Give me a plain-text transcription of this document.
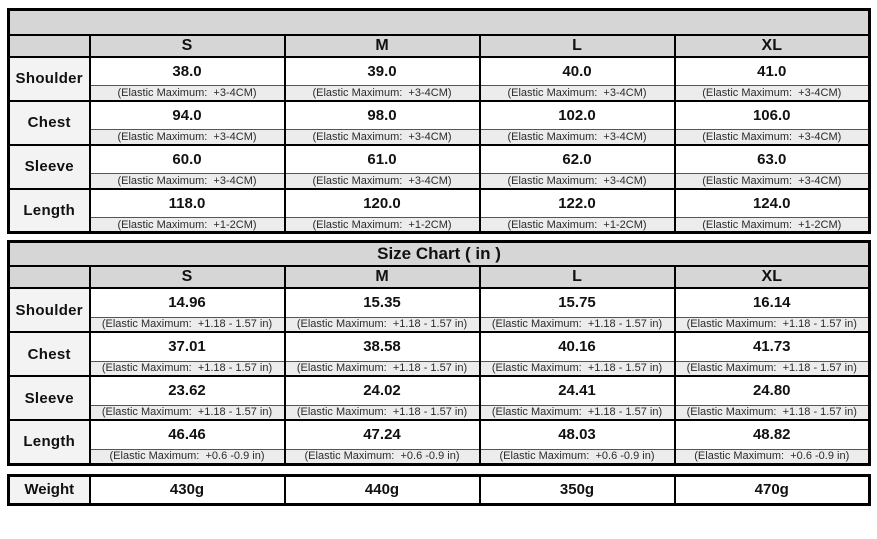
	S	M	L	XL
Shoulder	38.0	39.0	40.0	41.0
	(Elastic Maximum:  +3-4CM)	(Elastic Maximum:  +3-4CM)	(Elastic Maximum:  +3-4CM)	(Elastic Maximum:  +3-4CM)
Chest	94.0	98.0	102.0	106.0
	(Elastic Maximum:  +3-4CM)	(Elastic Maximum:  +3-4CM)	(Elastic Maximum:  +3-4CM)	(Elastic Maximum:  +3-4CM)
Sleeve	60.0	61.0	62.0	63.0
	(Elastic Maximum:  +3-4CM)	(Elastic Maximum:  +3-4CM)	(Elastic Maximum:  +3-4CM)	(Elastic Maximum:  +3-4CM)
Length	118.0	120.0	122.0	124.0
	(Elastic Maximum:  +1-2CM)	(Elastic Maximum:  +1-2CM)	(Elastic Maximum:  +1-2CM)	(Elastic Maximum:  +1-2CM)
Size Chart ( in )				
	S	M	L	XL
Shoulder	14.96	15.35	15.75	16.14
	(Elastic Maximum:  +1.18 - 1.57 in)	(Elastic Maximum:  +1.18 - 1.57 in)	(Elastic Maximum:  +1.18 - 1.57 in)	(Elastic Maximum:  +1.18 - 1.57 in)
Chest	37.01	38.58	40.16	41.73
	(Elastic Maximum:  +1.18 - 1.57 in)	(Elastic Maximum:  +1.18 - 1.57 in)	(Elastic Maximum:  +1.18 - 1.57 in)	(Elastic Maximum:  +1.18 - 1.57 in)
Sleeve	23.62	24.02	24.41	24.80
	(Elastic Maximum:  +1.18 - 1.57 in)	(Elastic Maximum:  +1.18 - 1.57 in)	(Elastic Maximum:  +1.18 - 1.57 in)	(Elastic Maximum:  +1.18 - 1.57 in)
Length	46.46	47.24	48.03	48.82
	(Elastic Maximum:  +0.6 -0.9 in)	(Elastic Maximum:  +0.6 -0.9 in)	(Elastic Maximum:  +0.6 -0.9 in)	(Elastic Maximum:  +0.6 -0.9 in)
Weight	430g	440g	350g	470g
